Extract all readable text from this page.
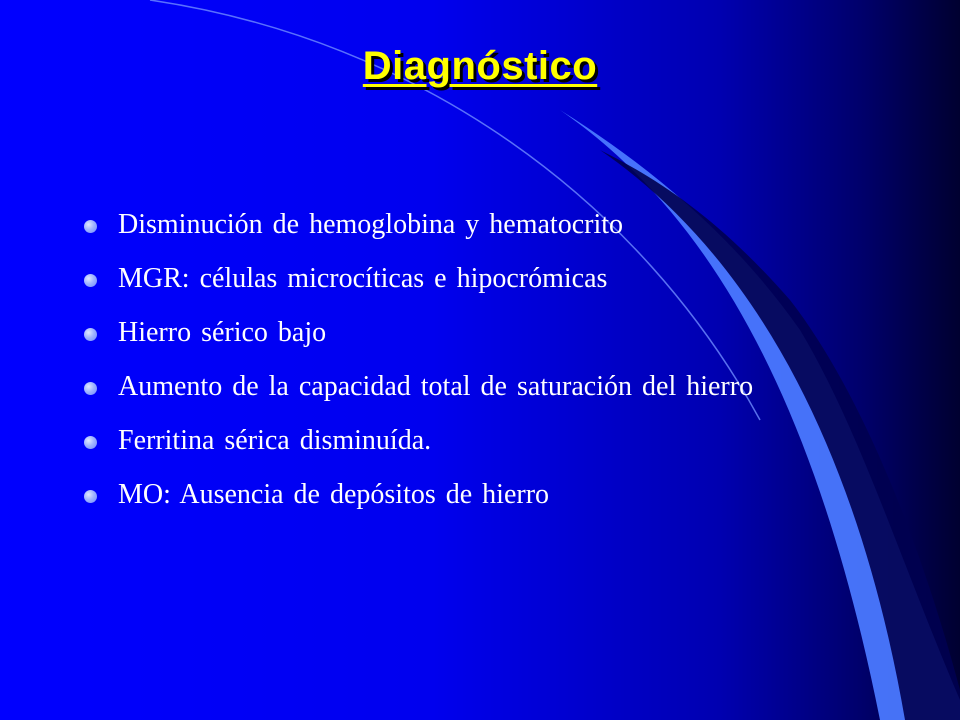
Diagnóstico
Disminución de hemoglobina y hematocrito
MGR: células microcíticas e hipocrómicas
Hierro sérico bajo
Aumento de la capacidad total de saturación del hierro
Ferritina sérica disminuída.
MO: Ausencia de depósitos de hierro
